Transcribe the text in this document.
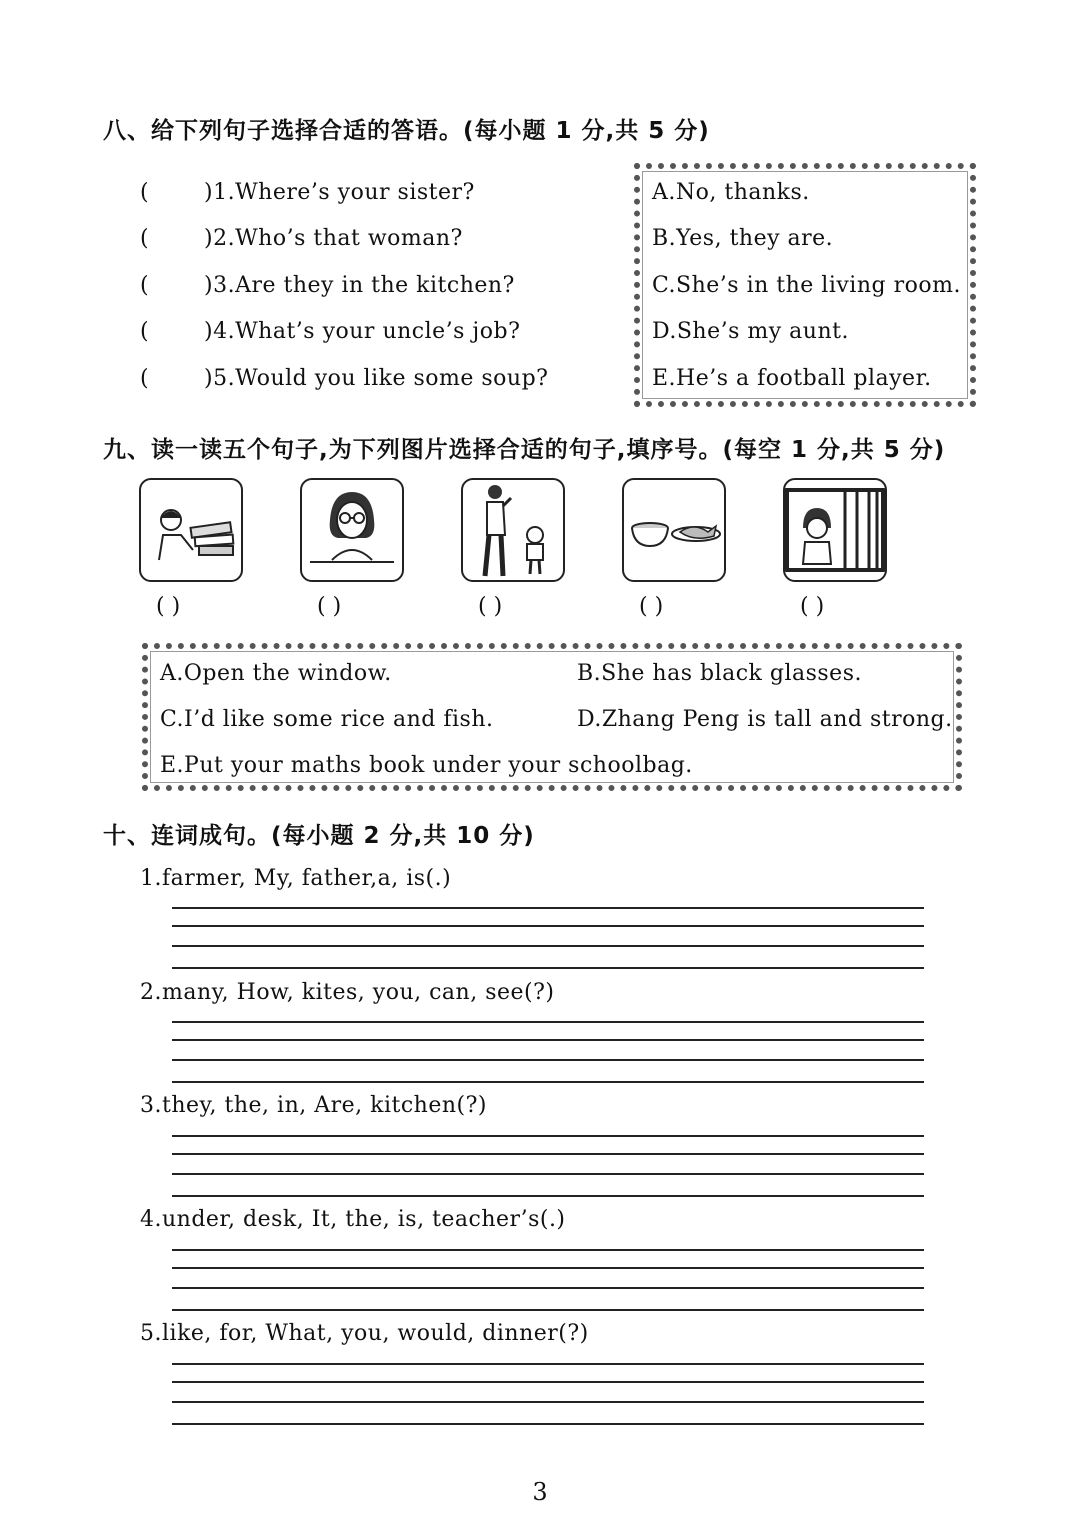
八、给下列句子选择合适的答语。(每小题 1 分,共 5 分)
( )1.Where’s your sister?
( )2.Who’s that woman?
( )3.Are they in the kitchen?
( )4.What’s your uncle’s job?
( )5.Would you like some soup?
A.No, thanks.
B.Yes, they are.
C.She’s in the living room.
D.She’s my aunt.
E.He’s a football player.
九、读一读五个句子,为下列图片选择合适的句子,填序号。(每空 1 分,共 5 分)
( )	( )	( )	( )	( )
A.Open the window.	B.She has black glasses.
C.I’d like some rice and fish.	D.Zhang Peng is tall and strong.
E.Put your maths book under your schoolbag.
十、连词成句。(每小题 2 分,共 10 分)
1.farmer, My, father,a, is(.)
2.many, How, kites, you, can, see(?)
3.they, the, in, Are, kitchen(?)
4.under, desk, It, the, is, teacher’s(.)
5.like, for, What, you, would, dinner(?)
3
